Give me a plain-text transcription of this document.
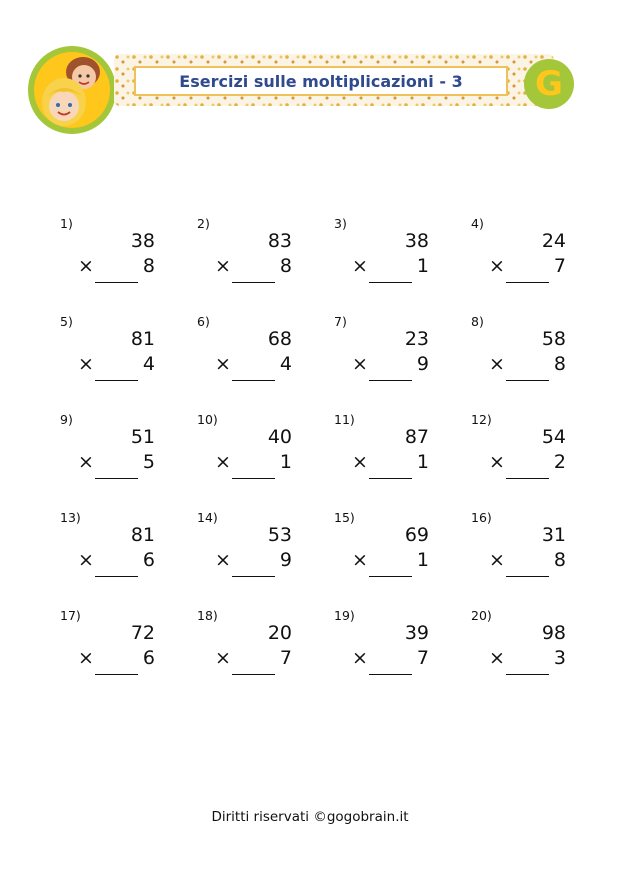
Esercizi sulle moltiplicazioni - 3 G
1)
38
×	8
2)
83
×	8
3)
38
×	1
4)
24
×	7
5)
81
×	4
6)
68
×	4
7)
23
×	9
8)
58
×	8
9)
51
×	5
10)
40
×	1
11)
87
×	1
12)
54
×	2
13)
81
×	6
14)
53
×	9
15)
69
×	1
16)
31
×	8
17)
72
×	6
18)
20
×	7
19)
39
×	7
20)
98
×	3
Diritti riservati ©gogobrain.it
